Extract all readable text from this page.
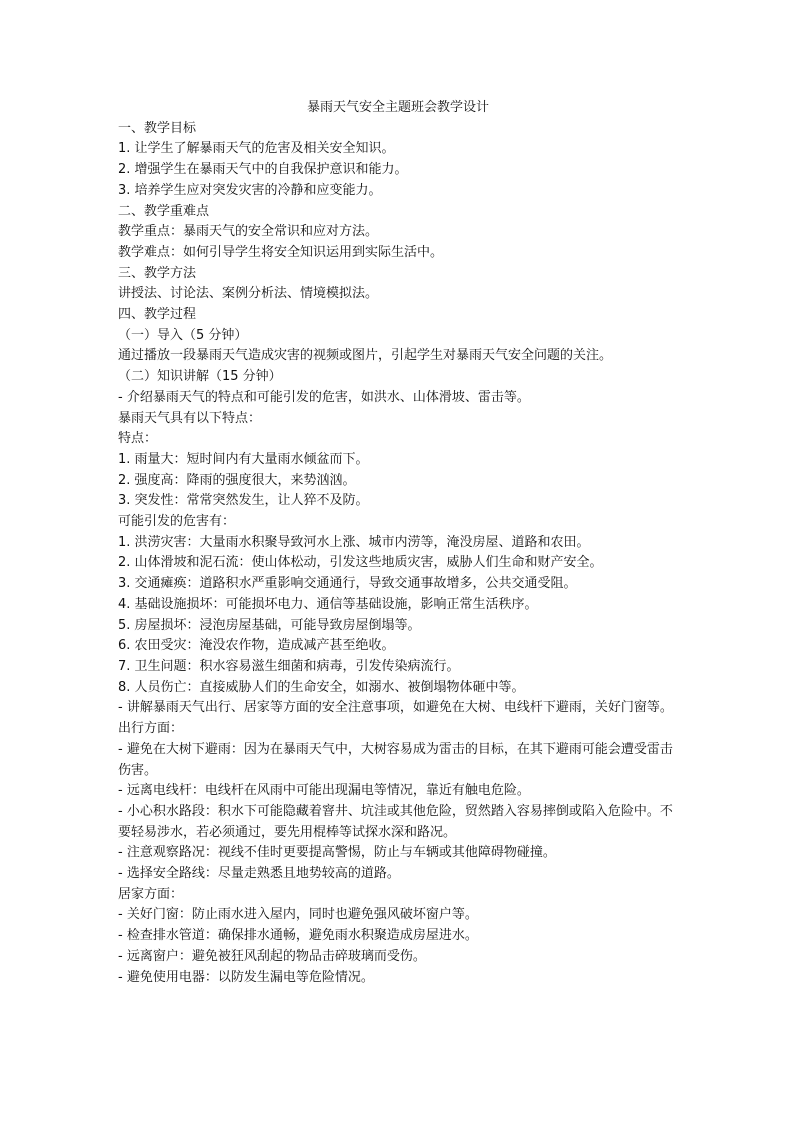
暴雨天气安全主题班会教学设计
一、教学目标
1. 让学生了解暴雨天气的危害及相关安全知识。
2. 增强学生在暴雨天气中的自我保护意识和能力。
3. 培养学生应对突发灾害的冷静和应变能力。
二、教学重难点
教学重点：暴雨天气的安全常识和应对方法。
教学难点：如何引导学生将安全知识运用到实际生活中。
三、教学方法
讲授法、讨论法、案例分析法、情境模拟法。
四、教学过程
（一）导入（5 分钟）
通过播放一段暴雨天气造成灾害的视频或图片，引起学生对暴雨天气安全问题的关注。
（二）知识讲解（15 分钟）
- 介绍暴雨天气的特点和可能引发的危害，如洪水、山体滑坡、雷击等。
暴雨天气具有以下特点：
特点：
1. 雨量大：短时间内有大量雨水倾盆而下。
2. 强度高：降雨的强度很大，来势汹汹。
3. 突发性：常常突然发生，让人猝不及防。
可能引发的危害有：
1. 洪涝灾害：大量雨水积聚导致河水上涨、城市内涝等，淹没房屋、道路和农田。
2. 山体滑坡和泥石流：使山体松动，引发这些地质灾害，威胁人们生命和财产安全。
3. 交通瘫痪：道路积水严重影响交通通行，导致交通事故增多，公共交通受阻。
4. 基础设施损坏：可能损坏电力、通信等基础设施，影响正常生活秩序。
5. 房屋损坏：浸泡房屋基础，可能导致房屋倒塌等。
6. 农田受灾：淹没农作物，造成减产甚至绝收。
7. 卫生问题：积水容易滋生细菌和病毒，引发传染病流行。
8. 人员伤亡：直接威胁人们的生命安全，如溺水、被倒塌物体砸中等。
- 讲解暴雨天气出行、居家等方面的安全注意事项，如避免在大树、电线杆下避雨，关好门窗等。
出行方面：
- 避免在大树下避雨：因为在暴雨天气中，大树容易成为雷击的目标，在其下避雨可能会遭受雷击伤害。
- 远离电线杆：电线杆在风雨中可能出现漏电等情况，靠近有触电危险。
- 小心积水路段：积水下可能隐藏着窨井、坑洼或其他危险，贸然踏入容易摔倒或陷入危险中。不要轻易涉水，若必须通过，要先用棍棒等试探水深和路况。
- 注意观察路况：视线不佳时更要提高警惕，防止与车辆或其他障碍物碰撞。
- 选择安全路线：尽量走熟悉且地势较高的道路。
居家方面：
- 关好门窗：防止雨水进入屋内，同时也避免强风破坏窗户等。
- 检查排水管道：确保排水通畅，避免雨水积聚造成房屋进水。
- 远离窗户：避免被狂风刮起的物品击碎玻璃而受伤。
- 避免使用电器：以防发生漏电等危险情况。
